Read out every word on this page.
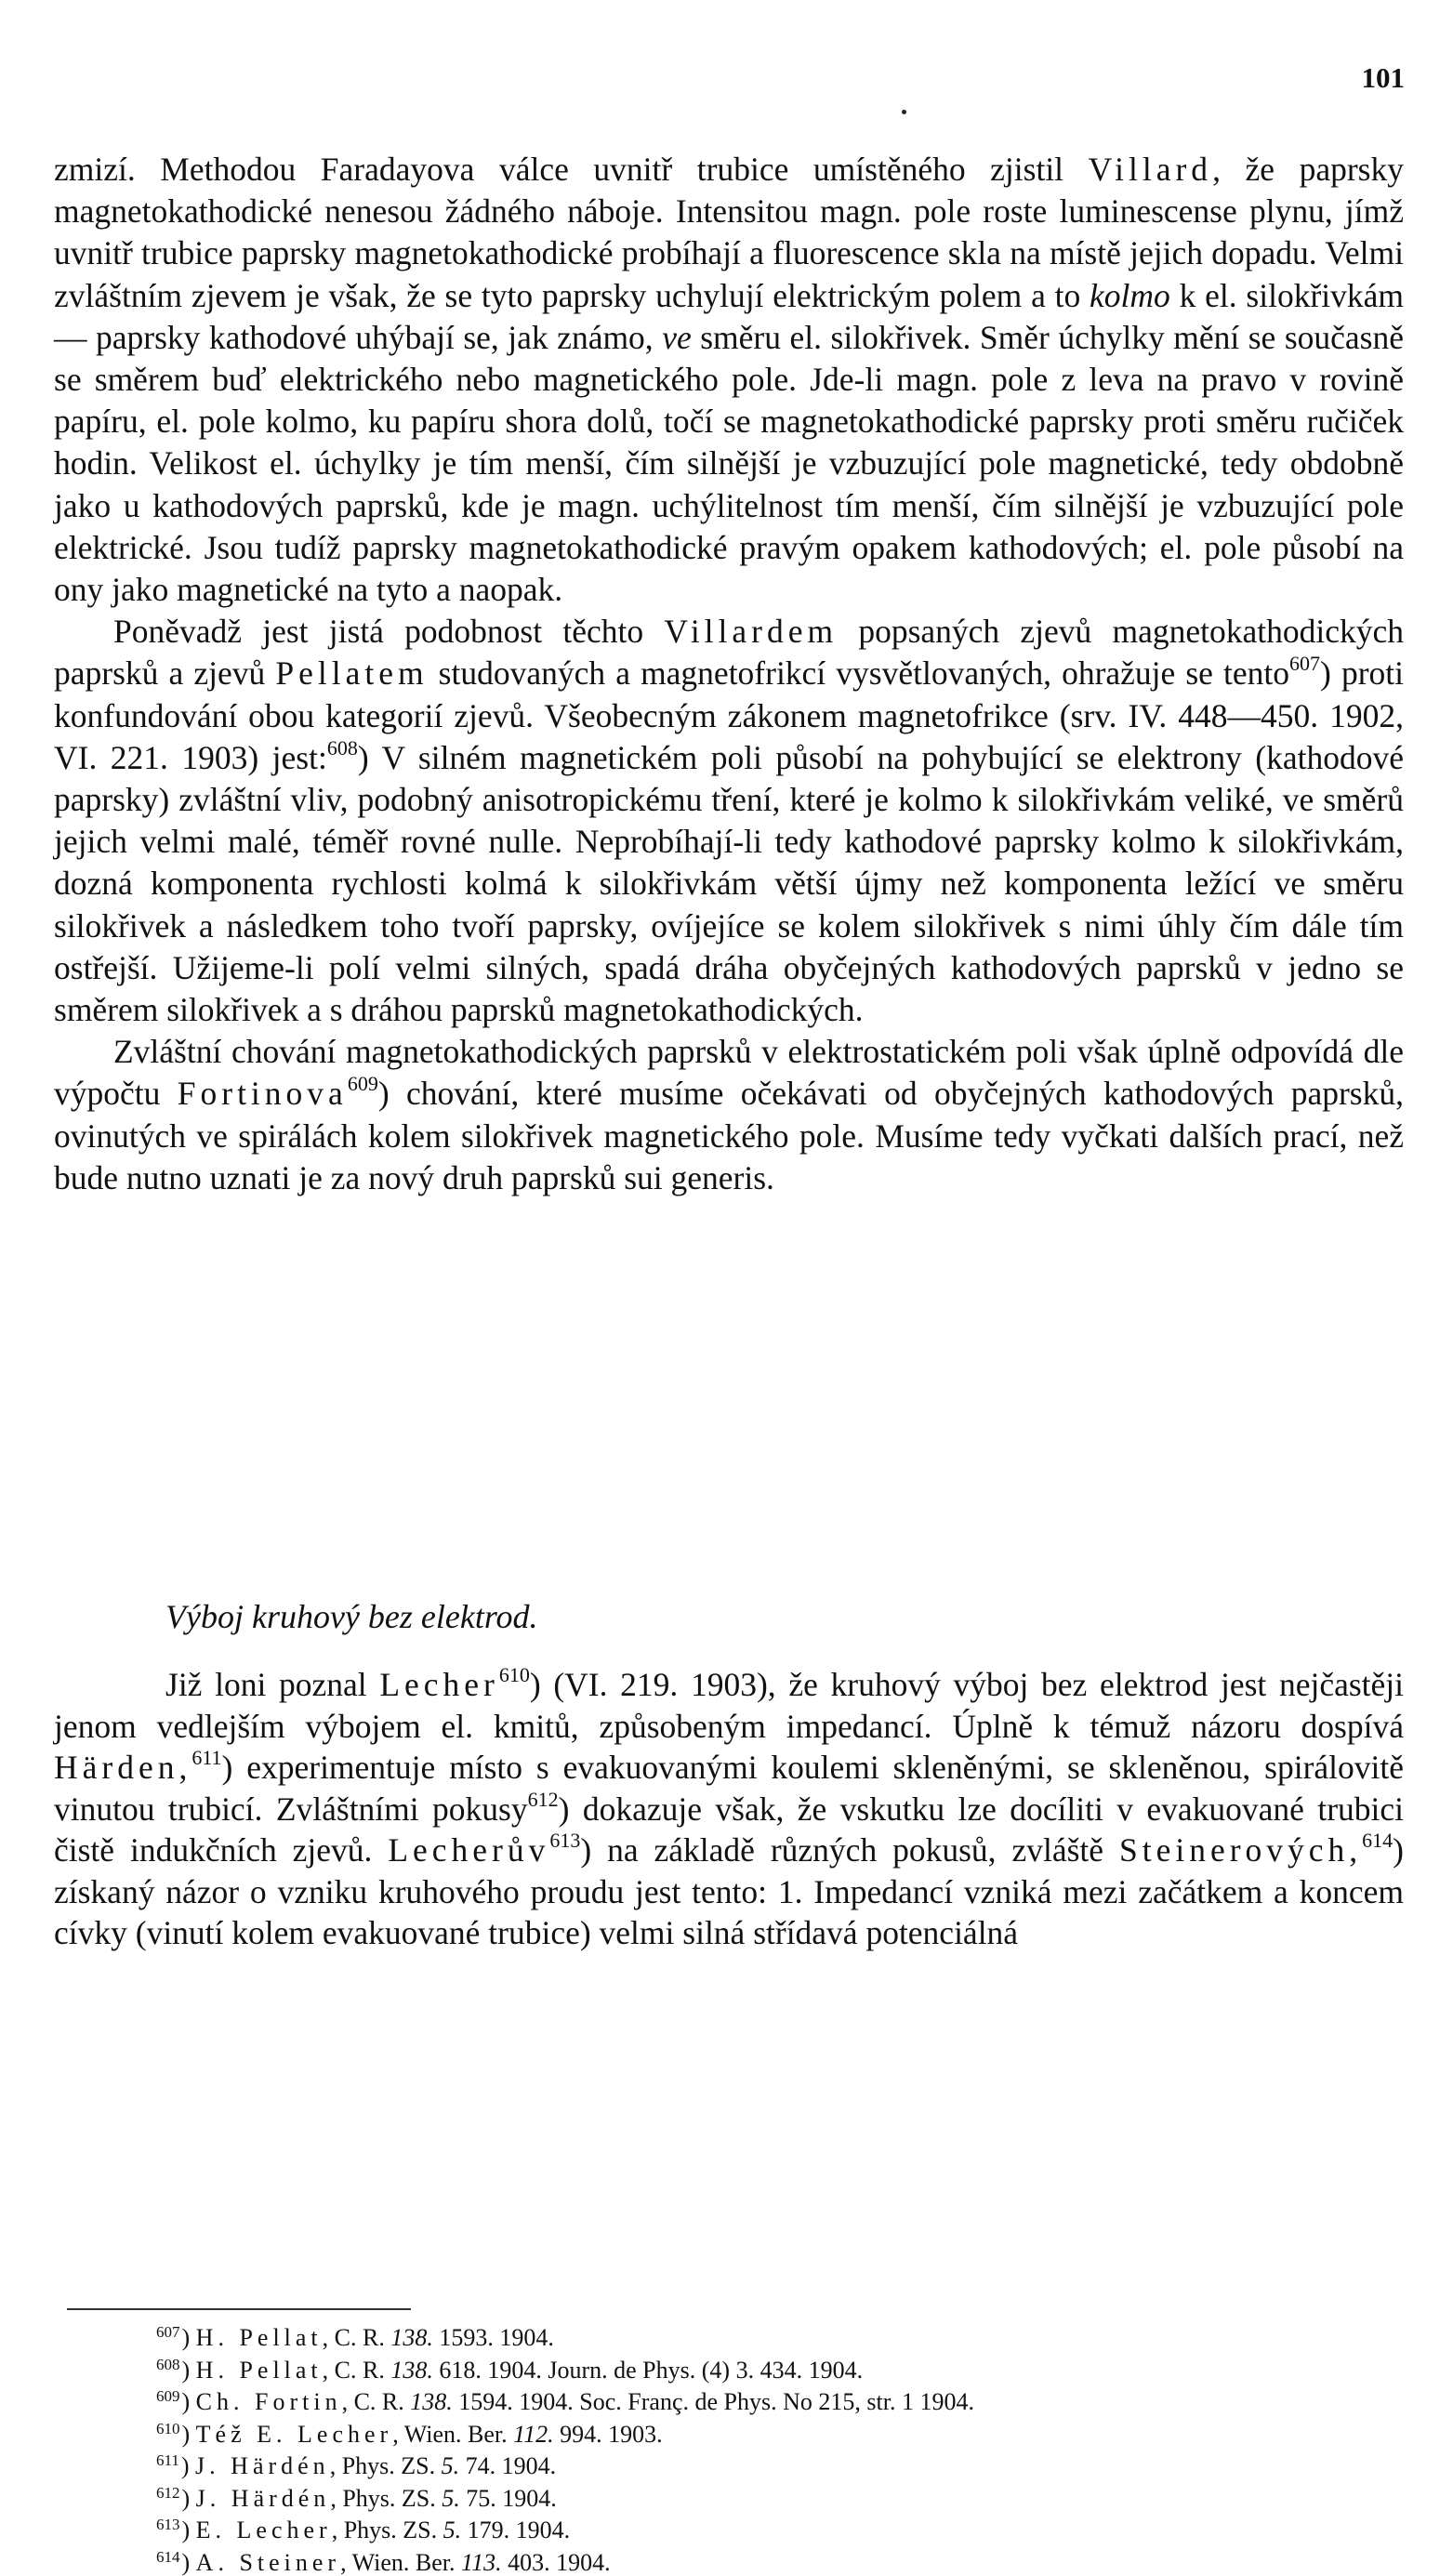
101

zmizí. Methodou Faradayova válce uvnitř trubice umístěného zjistil Villard, že paprsky magnetokathodické nenesou žádného náboje. Intensitou magn. pole roste luminescense plynu, jímž uvnitř trubice paprsky magnetokathodické probíhají a fluorescence skla na místě jejich dopadu. Velmi zvláštním zjevem je však, že se tyto paprsky uchylují elektrickým polem a to kolmo k el. silokřivkám — paprsky kathodové uhýbají se, jak známo, ve směru el. silokřivek. Směr úchylky mění se současně se směrem buď elektrického nebo magnetického pole. Jde-li magn. pole z leva na pravo v rovině papíru, el. pole kolmo, ku papíru shora dolů, točí se magnetokathodické paprsky proti směru ručiček hodin. Velikost el. úchylky je tím menší, čím silnější je vzbuzující pole magnetické, tedy obdobně jako u kathodových paprsků, kde je magn. uchýlitelnost tím menší, čím silnější je vzbuzující pole elektrické. Jsou tudíž paprsky magnetokathodické pravým opakem kathodových; el. pole působí na ony jako magnetické na tyto a naopak.

Poněvadž jest jistá podobnost těchto Villardem popsaných zjevů magnetokathodických paprsků a zjevů Pellatem studovaných a magnetofrikcí vysvětlovaných, ohražuje se tento$^{607}$) proti konfundování obou kategorií zjevů. Všeobecným zákonem magnetofrikce (srv. IV. 448—450. 1902, VI. 221. 1903) jest:$^{608}$) V silném magnetickém poli působí na pohybující se elektrony (kathodové paprsky) zvláštní vliv, podobný anisotropickému tření, které je kolmo k silokřivkám veliké, ve směrů jejich velmi malé, téměř rovné nulle. Neprobíhají-li tedy kathodové paprsky kolmo k silokřivkám, dozná komponenta rychlosti kolmá k silokřivkám větší újmy než komponenta ležící ve směru silokřivek a následkem toho tvoří paprsky, ovíjejíce se kolem silokřivek s nimi úhly čím dále tím ostřejší. Užijeme-li polí velmi silných, spadá dráha obyčejných kathodových paprsků v jedno se směrem silokřivek a s dráhou paprsků magnetokathodických.

Zvláštní chování magnetokathodických paprsků v elektrostatickém poli však úplně odpovídá dle výpočtu Fortinova$^{609}$) chování, které musíme očekávati od obyčejných kathodových paprsků, ovinutých ve spirálách kolem silokřivek magnetického pole. Musíme tedy vyčkati dalších prací, než bude nutno uznati je za nový druh paprsků sui generis.

Výboj kruhový bez elektrod.

Již loni poznal Lecher$^{610}$) (VI. 219. 1903), že kruhový výboj bez elektrod jest nejčastěji jenom vedlejším výbojem el. kmitů, způsobeným impedancí. Úplně k témuž názoru dospívá Härden,$^{611}$) experimentuje místo s evakuovanými koulemi skleněnými, se skleněnou, spirálovitě vinutou trubicí. Zvláštními pokusy$^{612}$) dokazuje však, že vskutku lze docíliti v evakuované trubici čistě indukčních zjevů. Lecherův$^{613}$) na základě různých pokusů, zvláště Steinerových,$^{614}$) získaný názor o vzniku kruhového proudu jest tento: 1. Impedancí vzniká mezi začátkem a koncem cívky (vinutí kolem evakuované trubice) velmi silná střídavá potenciálná

$^{607}$) H. Pellat, C. R. 138. 1593. 1904.
$^{608}$) H. Pellat, C. R. 138. 618. 1904. Journ. de Phys. (4) 3. 434. 1904.
$^{609}$) Ch. Fortin, C. R. 138. 1594. 1904. Soc. Franç. de Phys. No 215, str. 1 1904.
$^{610}$) Též E. Lecher, Wien. Ber. 112. 994. 1903.
$^{611}$) J. Härdén, Phys. ZS. 5. 74. 1904.
$^{612}$) J. Härdén, Phys. ZS. 5. 75. 1904.
$^{613}$) E. Lecher, Phys. ZS. 5. 179. 1904.
$^{614}$) A. Steiner, Wien. Ber. 113. 403. 1904.
